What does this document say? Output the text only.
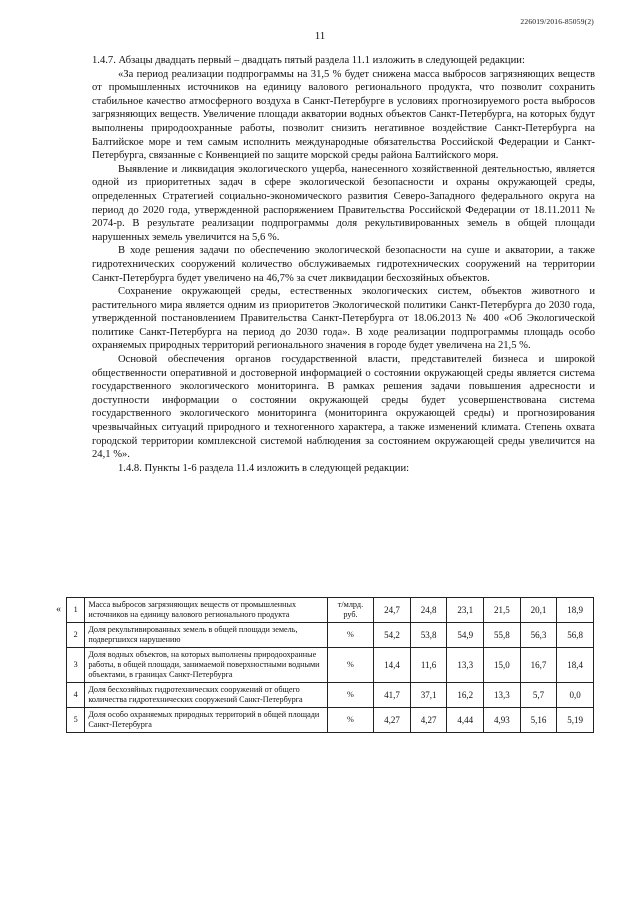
226019/2016-85059(2)
11

1.4.7. Абзацы двадцать первый – двадцать пятый раздела 11.1 изложить в следующей редакции:

«За период реализации подпрограммы на 31,5 % будет снижена масса выбросов загрязняющих веществ от промышленных источников на единицу валового регионального продукта, что позволит сохранить стабильное качество атмосферного воздуха в Санкт-Петербурге в условиях прогнозируемого роста выбросов загрязняющих веществ. Увеличение площади акватории водных объектов Санкт-Петербурга, на которых будут выполнены природоохранные работы, позволит снизить негативное воздействие Санкт-Петербурга на Балтийское море и тем самым исполнить международные обязательства Российской Федерации и Санкт-Петербурга, связанные с Конвенцией по защите морской среды района Балтийского моря.

Выявление и ликвидация экологического ущерба, нанесенного хозяйственной деятельностью, является одной из приоритетных задач в сфере экологической безопасности и охраны окружающей среды, определенных Стратегией социально-экономического развития Северо-Западного федерального округа на период до 2020 года, утвержденной распоряжением Правительства Российской Федерации от 18.11.2011 № 2074-р. В результате реализации подпрограммы доля рекультивированных земель в общей площади нарушенных земель увеличится на 5,6 %.

В ходе решения задачи по обеспечению экологической безопасности на суше и акватории, а также гидротехнических сооружений количество обслуживаемых гидротехнических сооружений на территории Санкт-Петербурга будет увеличено на 46,7% за счет ликвидации бесхозяйных объектов.

Сохранение окружающей среды, естественных экологических систем, объектов животного и растительного мира является одним из приоритетов Экологической политики Санкт-Петербурга до 2030 года, утвержденной постановлением Правительства Санкт-Петербурга от 18.06.2013 № 400 «Об Экологической политике Санкт-Петербурга на период до 2030 года». В ходе реализации подпрограммы площадь особо охраняемых природных территорий регионального значения в городе будет увеличена на 21,5 %.

Основой обеспечения органов государственной власти, представителей бизнеса и широкой общественности оперативной и достоверной информацией о состоянии окружающей среды является система государственного экологического мониторинга. В рамках решения задачи повышения адресности и доступности информации о состоянии окружающей среды будет усовершенствована система государственного экологического мониторинга (мониторинга окружающей среды) и прогнозирования чрезвычайных ситуаций природного и техногенного характера, а также изменений климата. Степень охвата городской территории комплексной системой наблюдения за состоянием окружающей среды увеличится на 24,1 %».

1.4.8. Пункты 1-6 раздела 11.4 изложить в следующей редакции:

« 1	Масса выбросов загрязняющих веществ от промышленных источников на единицу валового регионального продукта	т/млрд. руб.	24,7	24,8	23,1	21,5	20,1	18,9
2	Доля рекультивированных земель в общей площади земель, подвергшихся нарушению	%	54,2	53,8	54,9	55,8	56,3	56,8
3	Доля водных объектов, на которых выполнены природоохранные работы, в общей площади, занимаемой поверхностными водными объектами, в границах Санкт-Петербурга	%	14,4	11,6	13,3	15,0	16,7	18,4
4	Доля бесхозяйных гидротехнических сооружений от общего количества гидротехнических сооружений Санкт-Петербурга	%	41,7	37,1	16,2	13,3	5,7	0,0
5	Доля особо охраняемых природных территорий в общей площади Санкт-Петербурга	%	4,27	4,27	4,44	4,93	5,16	5,19
